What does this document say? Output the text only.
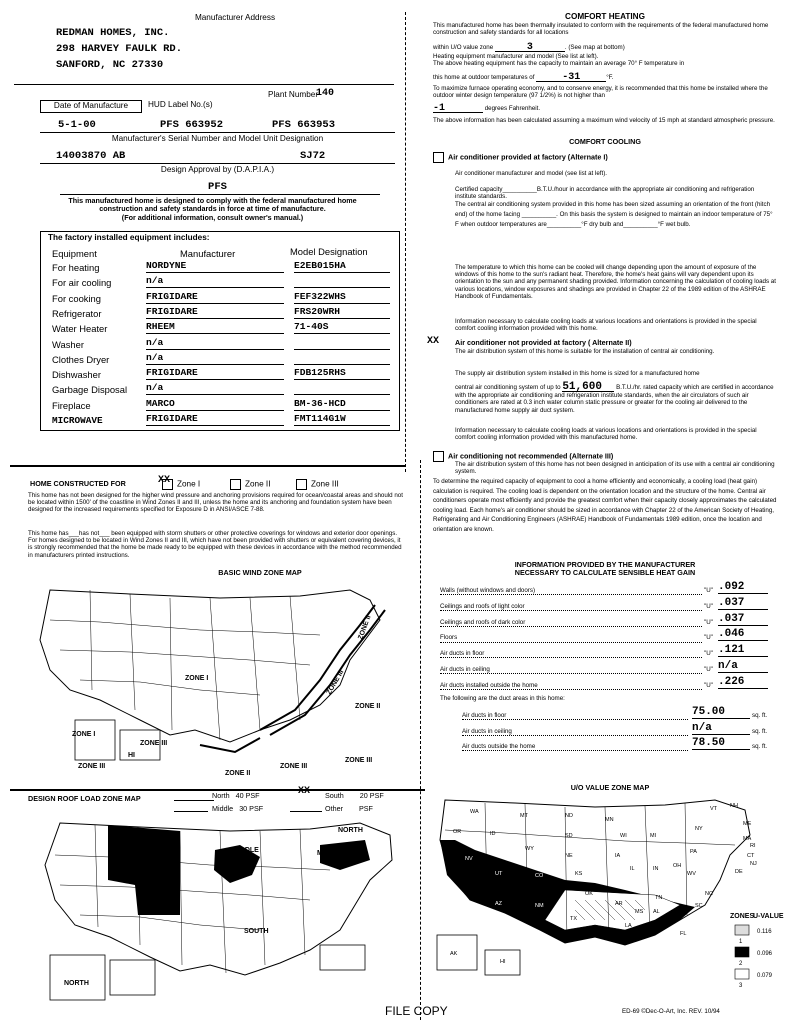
Manufacturer Address
REDMAN HOMES, INC.
298 HARVEY FAULK RD.
SANFORD, NC 27330
Plant Number
140
Date of Manufacture	HUD Label No.(s)
5-1-00	PFS 663952	PFS 663953
Manufacturer's Serial Number and Model Unit Designation
14003870 AB	SJ72
Design Approval by (D.A.P.I.A.)
PFS
This manufactured home is designed to comply with the federal manufactured home
construction and safety standards in force at time of manufacture.
(For additional information, consult owner's manual.)
The factory installed equipment includes:
Equipment	Manufacturer	Model Designation
For heating	NORDYNE	E2EB015HA
For air cooling	n/a
For cooking	FRIGIDARE	FEF322WHS
Refrigerator	FRIGIDARE	FRS20WRH
Water Heater	RHEEM	71-40S
Washer	n/a
Clothes Dryer	n/a
Dishwasher	FRIGIDARE	FDB125RHS
Garbage Disposal n/a
Fireplace	MARCO	BM-36-HCD
MICROWAVE	FRIGIDARE	FMT114G1W
HOME CONSTRUCTED FOR	XX Zone I	Zone II	Zone III
This home has not been designed for the higher wind pressure and anchoring provisions required for ocean/coastal areas and should not be located within 1500' of the coastline in Wind Zones II and III, unless the home and its anchoring and foundation system have been designed for the increased requirements specified for Exposure D in ANSI/ASCE 7-88.
This home has___has not___ been equipped with storm shutters or other protective coverings for windows and exterior door openings. For homes designed to be located in Wind Zones II and III, which have not been provided with shutters or equivalent covering devices, it is strongly recommended that the home be made ready to be equipped with these devices in accordance with the method recommended in manufacturers printed instructions.
BASIC WIND ZONE MAP
ZONE I
ZONE II
ZONE II
ZONE III
ZONE III
ZONE I
ZONE III
ZONE II
ZONE III
ZONE III
HI
DESIGN ROOF LOAD ZONE MAP	North 40 PSF	XX South 20 PSF
Middle 30 PSF	Other PSF
NORTH
MIDDLE
MIDDLE	MIDDLE
SOUTH
NORTH
COMFORT HEATING
This manufactured home has been thermally insulated to conform with the requirements of the federal manufactured home construction and safety standards for all locations
within U/O value zone	3	. (See map at bottom)
Heating equipment manufacturer and model (See list at left).
The above heating equipment has the capacity to maintain an average 70° F temperature in
this home at outdoor temperatures of	-31	°F.
To maximize furnace operating economy, and to conserve energy, it is recommended that this home be installed where the outdoor winter design temperature (97 1/2%) is not higher than
-1	degrees Fahrenheit.
The above information has been calculated assuming a maximum wind velocity of 15 mph at standard atmospheric pressure.
COMFORT COOLING
Air conditioner provided at factory (Alternate I)
Air conditioner manufacturer and model (see list at left).
Certified capacity__________B.T.U./hour in accordance with the appropriate air conditioning and refrigeration institute standards.
The central air conditioning system provided in this home has been sized assuming an orientation of the front (hitch end) of the home facing __________. On this basis the system is designed to maintain an indoor temperature of 75° F when outdoor temperatures are__________°F dry bulb and__________°F wet bulb.
The temperature to which this home can be cooled will change depending upon the amount of exposure of the windows of this home to the sun's radiant heat. Therefore, the home's heat gains will vary dependent upon its orientation to the sun and any permanent shading provided. Information concerning the calculation of cooling loads at various locations, window exposures and shadings are provided in Chapter 22 of the 1989 edition of the ASHRAE Handbook of Fundamentals.
Information necessary to calculate cooling loads at various locations and orientations is provided in the special comfort cooling information provided with this home.
XX Air conditioner not provided at factory ( Alternate II)
The air distribution system of this home is suitable for the installation of central air conditioning.
The supply air distribution system installed in this home is sized for a manufactured home
central air conditioning system of up to 51,600 B.T.U./hr. rated capacity which are certified in accordance with the appropriate air conditioning and refrigeration institute standards, when the air circulators of such air conditioners are rated at 0.3 inch water column static pressure or greater for the cooling air delivered to the manufactured home supply air duct system.
Information necessary to calculate cooling loads at various locations and orientations is provided in the special comfort cooling information provided with this manufactured home.
Air conditioning not recommended (Alternate III)
The air distribution system of this home has not been designed in anticipation of its use with a central air conditioning system.
To determine the required capacity of equipment to cool a home efficiently and economically, a cooling load (heat gain) calculation is required. The cooling load is dependent on the orientation location and the structure of the home. Central air conditioners operate most efficiently and provide the greatest comfort when their capacity closely approximates the calculated cooling load. Each home's air conditioner should be sized in accordance with Chapter 22 of the American Society of Heating, Refrigerating and Air Conditioning Engineers (ASHRAE) Handbook of Fundamentals 1989 edition, once the location and orientation are known.
INFORMATION PROVIDED BY THE MANUFACTURER
NECESSARY TO CALCULATE SENSIBLE HEAT GAIN
Walls (without windows and doors)	"U" .092
Ceilings and roofs of light color	"U" .037
Ceilings and roofs of dark color	"U" .037
Floors	"U" .046
Air ducts in floor	"U" .121
Air ducts in ceiling	"U" n/a
Air ducts installed outside the home	"U" .226
The following are the duct areas in this home:
Air ducts in floor	75.00	sq. ft.
Air ducts in ceiling	n/a	sq. ft.
Air ducts outside the home	78.50	sq. ft.
U/O VALUE ZONE MAP
WA
MT	ND
MN
VT NH
ME
OR	ID	SD	WI	MI
NY
MA
WY	RI
NV	NE	IA
PA
CT
UT	CO
IL	IN	OH	NJ
CA
KS	MO	WV VA
MD
DE
KY
AZ	NM
OK
TN
NC
AR	SC
TX
MS AL	GA
LA
FL
AK
HI
ZONES
U-VALUE
1
0.116
2
0.096
3
0.079
FILE COPY	ED-69 ©Dec-O-Art, Inc. REV. 10/94
